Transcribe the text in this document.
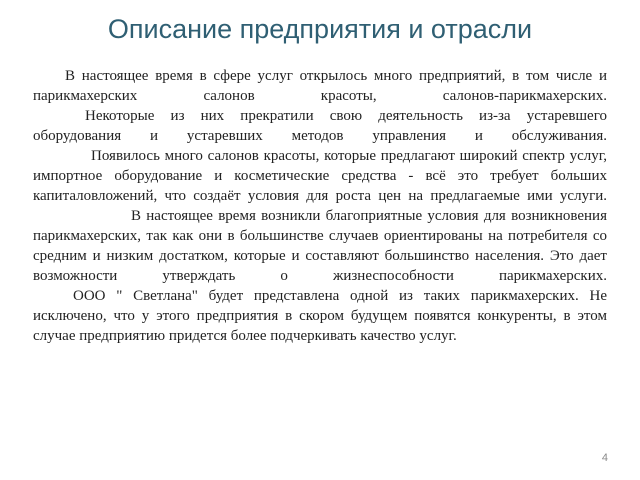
Описание предприятия и отрасли

В настоящее время в сфере услуг открылось много предприятий, в том числе и парикмахерских салонов красоты, салонов-парикмахерских.

Некоторые из них прекратили свою деятельность из-за устаревшего оборудования и устаревших методов управления и обслуживания.

Появилось много салонов красоты, которые предлагают широкий спектр услуг, импортное оборудование и косметические средства - всё это требует больших капиталовложений, что создаёт условия для роста цен на предлагаемые ими услуги.

В настоящее время возникли благоприятные условия для возникновения парикмахерских, так как они в большинстве случаев ориентированы на потребителя со средним и низким достатком, которые и составляют большинство населения. Это дает возможности утверждать о жизнеспособности парикмахерских.

ООО " Светлана" будет представлена одной из таких парикмахерских. Не исключено, что у этого предприятия в скором будущем появятся конкуренты, в этом случае предприятию придется более подчеркивать качество услуг.

4
